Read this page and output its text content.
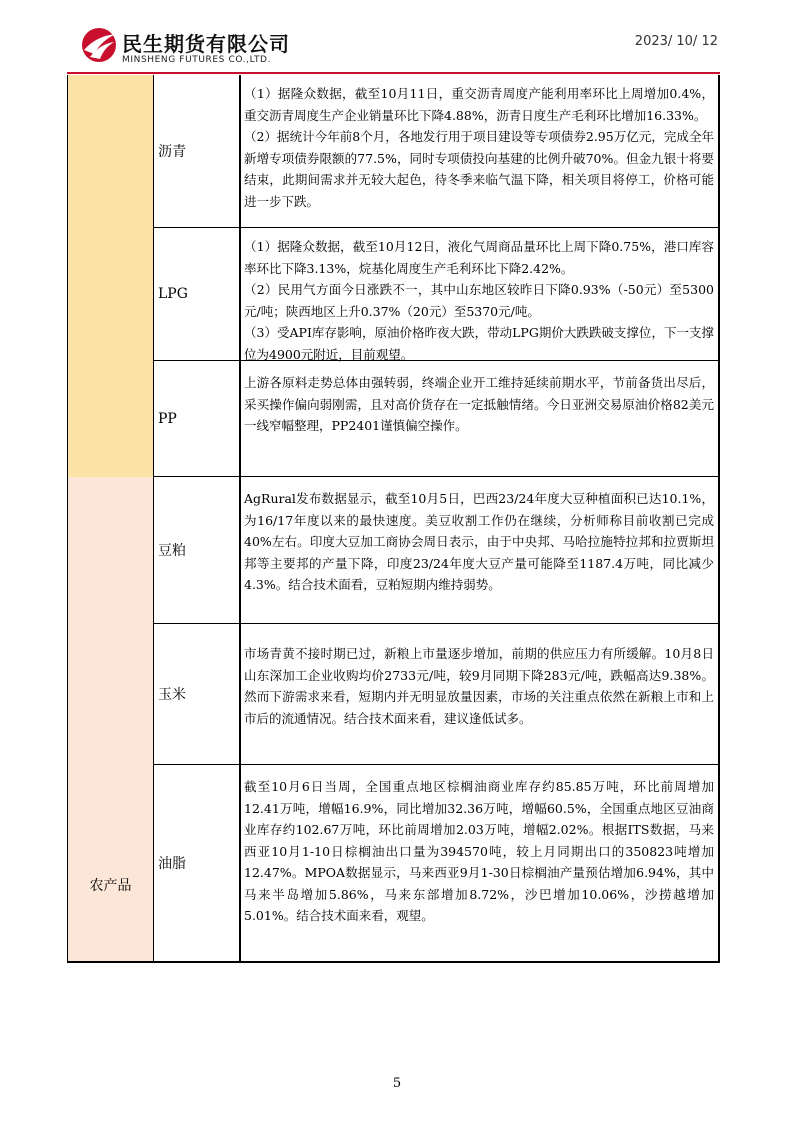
民生期货有限公司
MINSHENG FUTURES CO.,LTD.
2023/ 10/ 12
农产品
沥青

（1）据隆众数据，截至10月11日，重交沥青周度产能利用率环比上周增加0.4%，重交沥青周度生产企业销量环比下降4.88%，沥青日度生产毛利环比增加16.33%。

（2）据统计今年前8个月，各地发行用于项目建设等专项债券2.95万亿元，完成全年新增专项债券限额的77.5%，同时专项债投向基建的比例升破70%。但金九银十将要结束，此期间需求并无较大起色，待冬季来临气温下降，相关项目将停工，价格可能进一步下跌。

LPG

（1）据隆众数据，截至10月12日，液化气周商品量环比上周下降0.75%，港口库容率环比下降3.13%，烷基化周度生产毛利环比下降2.42%。

（2）民用气方面今日涨跌不一，其中山东地区较昨日下降0.93%（-50元）至5300元/吨；陕西地区上升0.37%（20元）至5370元/吨。

（3）受API库存影响，原油价格昨夜大跌，带动LPG期价大跌跌破支撑位，下一支撑位为4900元附近，目前观望。

PP

上游各原料走势总体由强转弱，终端企业开工维持延续前期水平，节前备货出尽后，采买操作偏向弱刚需，且对高价货存在一定抵触情绪。今日亚洲交易原油价格82美元一线窄幅整理，PP2401谨慎偏空操作。

豆粕

AgRural发布数据显示，截至10月5日，巴西23/24年度大豆种植面积已达10.1%，为16/17年度以来的最快速度。美豆收割工作仍在继续，分析师称目前收割已完成40%左右。印度大豆加工商协会周日表示，由于中央邦、马哈拉施特拉邦和拉贾斯坦邦等主要邦的产量下降，印度23/24年度大豆产量可能降至1187.4万吨，同比减少4.3%。结合技术面看，豆粕短期内维持弱势。

玉米

市场青黄不接时期已过，新粮上市量逐步增加，前期的供应压力有所缓解。10月8日山东深加工企业收购均价2733元/吨，较9月同期下降283元/吨，跌幅高达9.38%。然而下游需求来看，短期内并无明显放量因素，市场的关注重点依然在新粮上市和上市后的流通情况。结合技术面来看，建议逢低试多。

油脂

截至10月6日当周，全国重点地区棕榈油商业库存约85.85万吨，环比前周增加12.41万吨，增幅16.9%，同比增加32.36万吨，增幅60.5%，全国重点地区豆油商业库存约102.67万吨，环比前周增加2.03万吨，增幅2.02%。根据ITS数据，马来西亚10月1-10日棕榈油出口量为394570吨，较上月同期出口的350823吨增加12.47%。MPOA数据显示，马来西亚9月1-30日棕榈油产量预估增加6.94%，其中马来半岛增加5.86%，马来东部增加8.72%，沙巴增加10.06%，沙捞越增加5.01%。结合技术面来看，观望。

5
